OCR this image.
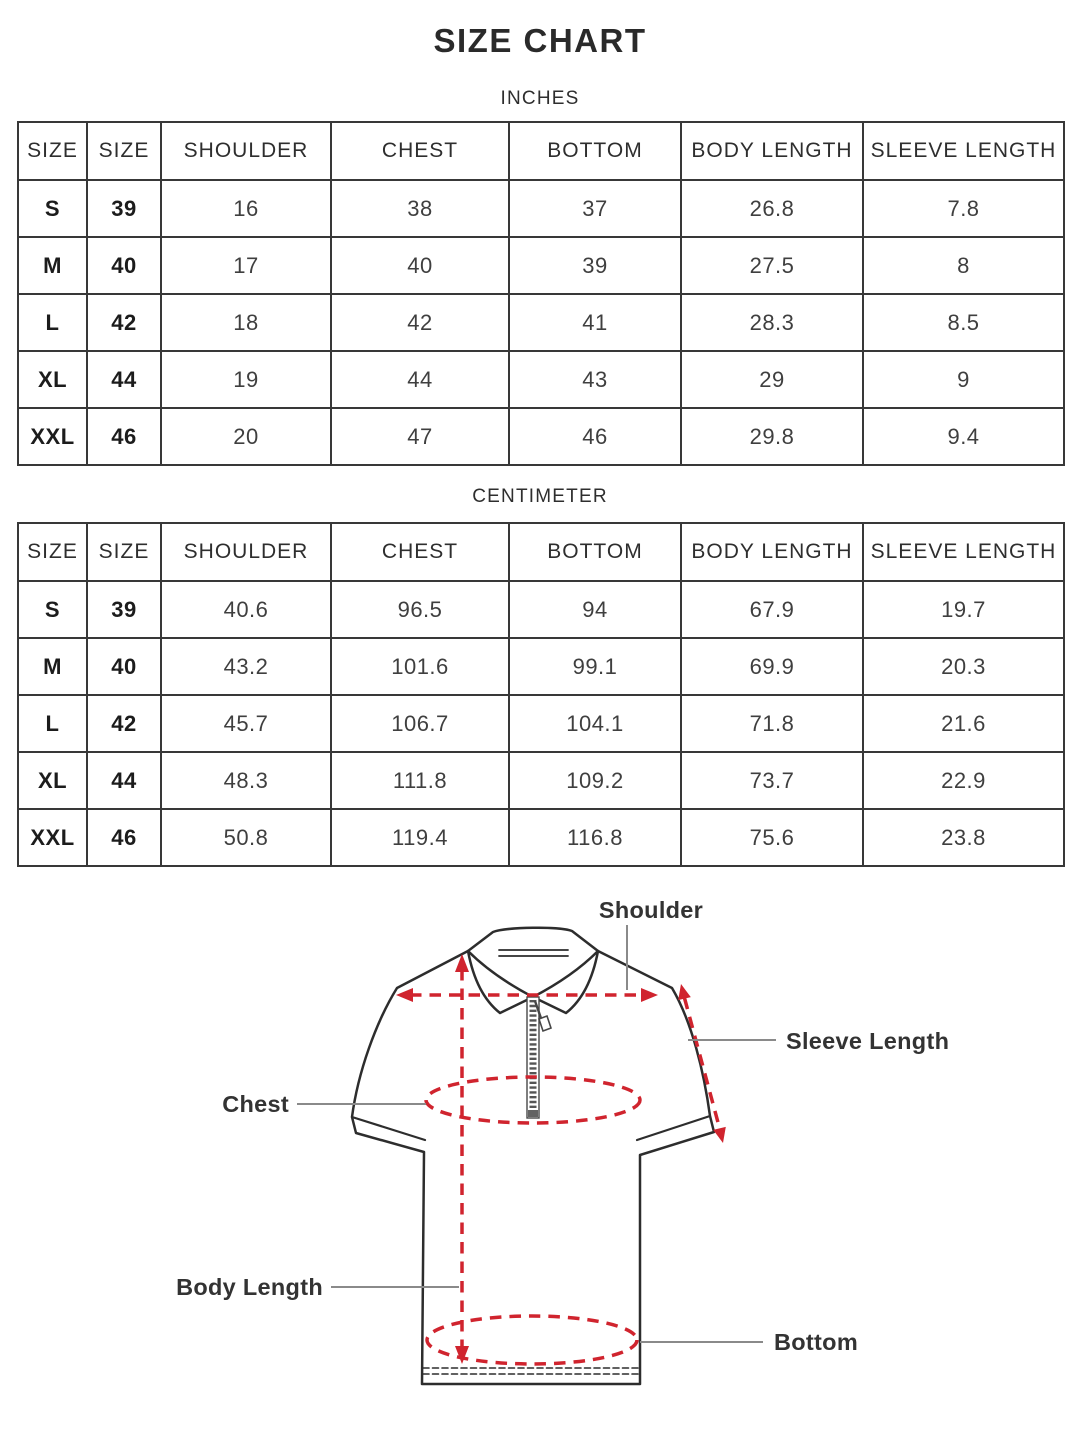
SIZE CHART
INCHES
SIZE	SIZE	SHOULDER	CHEST	BOTTOM	BODY LENGTH	SLEEVE LENGTH
S	39	16	38	37	26.8	7.8
M	40	17	40	39	27.5	8
L	42	18	42	41	28.3	8.5
XL	44	19	44	43	29	9
XXL	46	20	47	46	29.8	9.4
CENTIMETER
SIZE	SIZE	SHOULDER	CHEST	BOTTOM	BODY LENGTH	SLEEVE LENGTH
S	39	40.6	96.5	94	67.9	19.7
M	40	43.2	101.6	99.1	69.9	20.3
L	42	45.7	106.7	104.1	71.8	21.6
XL	44	48.3	111.8	109.2	73.7	22.9
XXL	46	50.8	119.4	116.8	75.6	23.8
Shoulder
Sleeve Length
Chest
Body Length
Bottom
